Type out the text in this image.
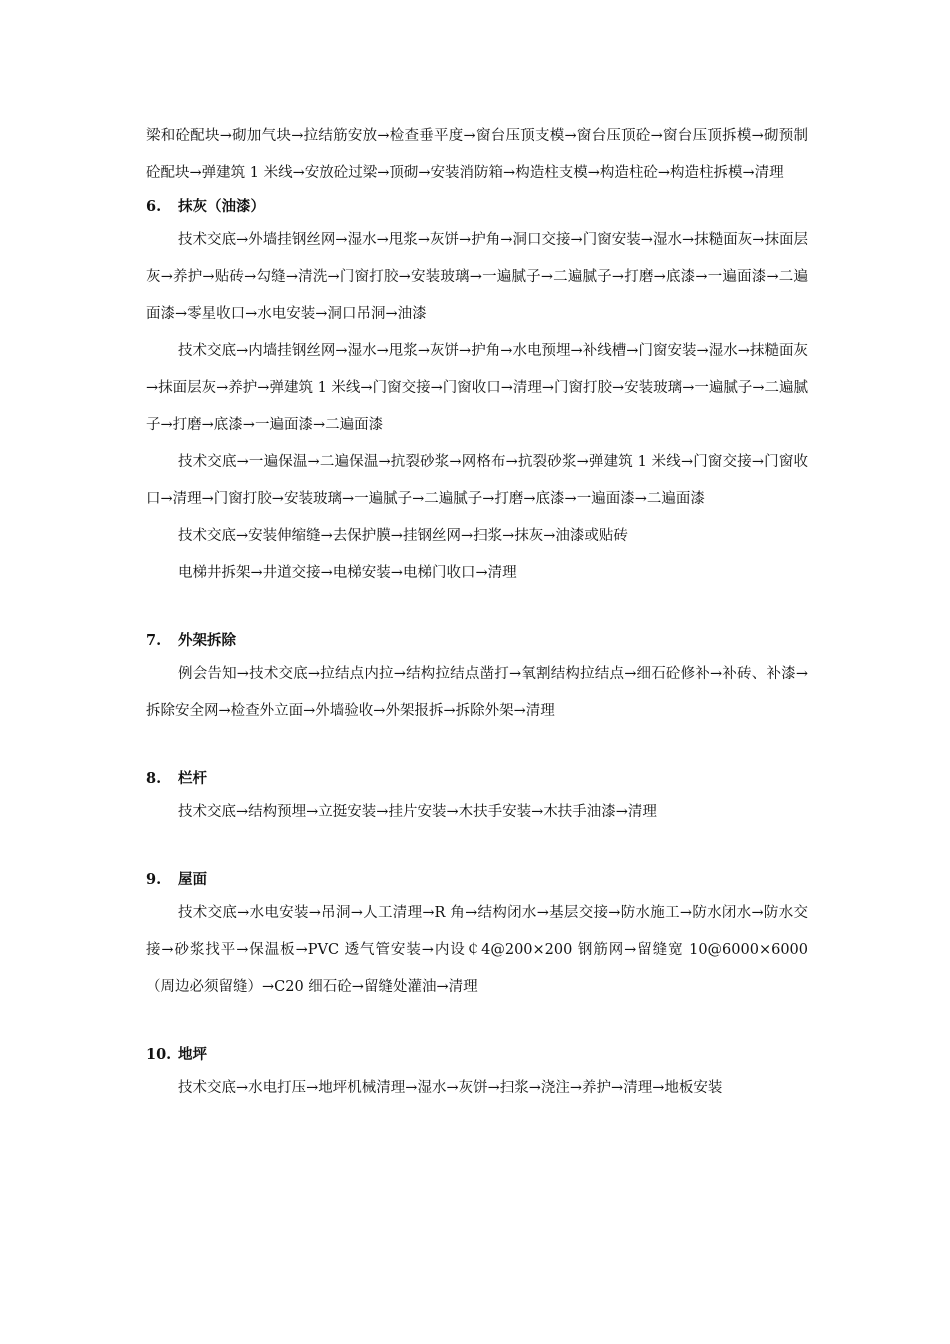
梁和砼配块→砌加气块→拉结筋安放→检查垂平度→窗台压顶支模→窗台压顶砼→窗台压顶拆模→砌预制砼配块→弹建筑 1 米线→安放砼过梁→顶砌→安装消防箱→构造柱支模→构造柱砼→构造柱拆模→清理

6. 抹灰（油漆）

技术交底→外墙挂钢丝网→湿水→甩浆→灰饼→护角→洞口交接→门窗安装→湿水→抹糙面灰→抹面层灰→养护→贴砖→勾缝→清洗→门窗打胶→安装玻璃→一遍腻子→二遍腻子→打磨→底漆→一遍面漆→二遍面漆→零星收口→水电安装→洞口吊洞→油漆

技术交底→内墙挂钢丝网→湿水→甩浆→灰饼→护角→水电预埋→补线槽→门窗安装→湿水→抹糙面灰→抹面层灰→养护→弹建筑 1 米线→门窗交接→门窗收口→清理→门窗打胶→安装玻璃→一遍腻子→二遍腻子→打磨→底漆→一遍面漆→二遍面漆

技术交底→一遍保温→二遍保温→抗裂砂浆→网格布→抗裂砂浆→弹建筑 1 米线→门窗交接→门窗收口→清理→门窗打胶→安装玻璃→一遍腻子→二遍腻子→打磨→底漆→一遍面漆→二遍面漆

技术交底→安装伸缩缝→去保护膜→挂钢丝网→扫浆→抹灰→油漆或贴砖

电梯井拆架→井道交接→电梯安装→电梯门收口→清理

7. 外架拆除

例会告知→技术交底→拉结点内拉→结构拉结点凿打→氧割结构拉结点→细石砼修补→补砖、补漆→拆除安全网→检查外立面→外墙验收→外架报拆→拆除外架→清理

8. 栏杆

技术交底→结构预埋→立挺安装→挂片安装→木扶手安装→木扶手油漆→清理

9. 屋面

技术交底→水电安装→吊洞→人工清理→R 角→结构闭水→基层交接→防水施工→防水闭水→防水交接→砂浆找平→保温板→PVC 透气管安装→内设￠4@200×200 钢筋网→留缝宽 10@6000×6000（周边必须留缝）→C20 细石砼→留缝处灌油→清理

10. 地坪

技术交底→水电打压→地坪机械清理→湿水→灰饼→扫浆→浇注→养护→清理→地板安装
